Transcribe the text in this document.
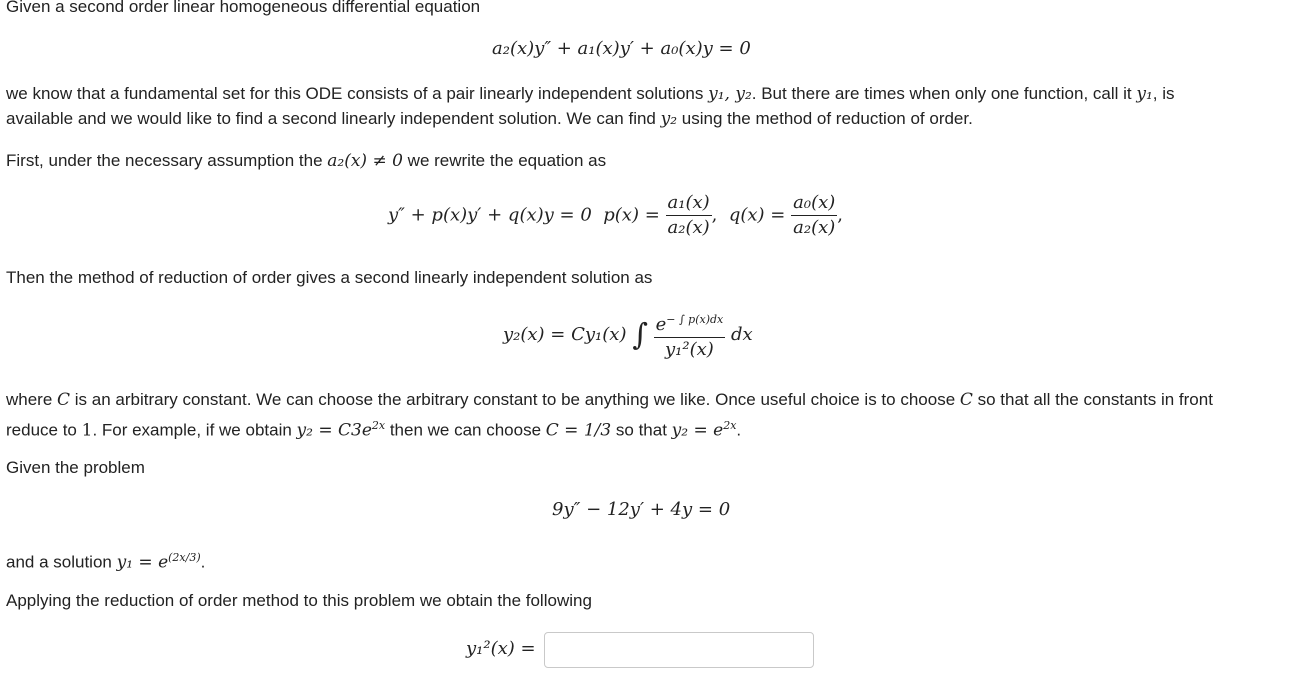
Given a second order linear homogeneous differential equation
a₂(x)y″ + a₁(x)y′ + a₀(x)y = 0
we know that a fundamental set for this ODE consists of a pair linearly independent solutions y₁, y₂. But there are times when only one function, call it y₁, is
available and we would like to find a second linearly independent solution. We can find y₂ using the method of reduction of order.
First, under the necessary assumption the a₂(x) ≠ 0 we rewrite the equation as
y″ + p(x)y′ + q(x)y = 0 $p(x) = \frac{\text{a₁(x)}}{\text{a₂(x)}}$ ,  $q(x) = \frac{\text{a₀(x)}}{\text{a₂(x)}}$ ,
Then the method of reduction of order gives a second linearly independent solution as
y₂(x) = Cy₁(x) ∫ $\frac{e^{- \int p(x)dx}}{\text{y₁²(x)}}$ dx
where C is an arbitrary constant. We can choose the arbitrary constant to be anything we like. Once useful choice is to choose C so that all the constants in front
reduce to 1. For example, if we obtain $y_2 = C3e^{2x}$ then we can choose C = 1/3 so that $y_2 = e^{2x}$.
Given the problem
9y″ − 12y′ + 4y = 0
and a solution $y_1 = e^{(2x/3)}$.
Applying the reduction of order method to this problem we obtain the following
y₁²(x) =
